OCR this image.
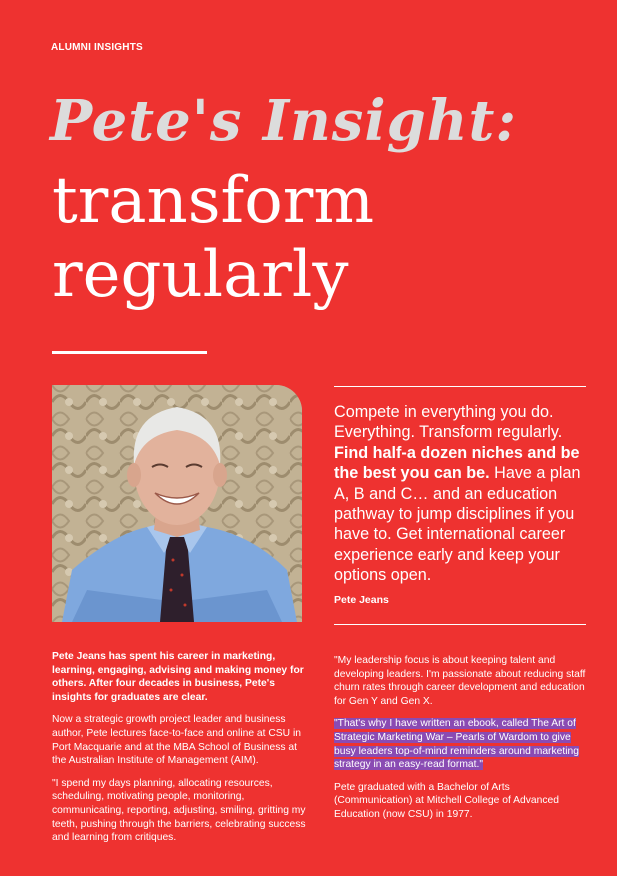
ALUMNI INSIGHTS
Pete's Insight:
transform
regularly
Compete in everything you do. Everything. Transform regularly. Find half-a dozen niches and be the best you can be. Have a plan A, B and C… and an education pathway to jump disciplines if you have to. Get international career experience early and keep your options open.
Pete Jeans

Pete Jeans has spent his career in marketing, learning, engaging, advising and making money for others. After four decades in business, Pete's insights for graduates are clear.

Now a strategic growth project leader and business author, Pete lectures face-to-face and online at CSU in Port Macquarie and at the MBA School of Business at the Australian Institute of Management (AIM).

"I spend my days planning, allocating resources, scheduling, motivating people, monitoring, communicating, reporting, adjusting, smiling, gritting my teeth, pushing through the barriers, celebrating success and learning from critiques.

"My leadership focus is about keeping talent and developing leaders. I'm passionate about reducing staff churn rates through career development and education for Gen Y and Gen X.

"That's why I have written an ebook, called The Art of Strategic Marketing War – Pearls of Wardom to give busy leaders top-of-mind reminders around marketing strategy in an easy-read format."

Pete graduated with a Bachelor of Arts (Communication) at Mitchell College of Advanced Education (now CSU) in 1977.
